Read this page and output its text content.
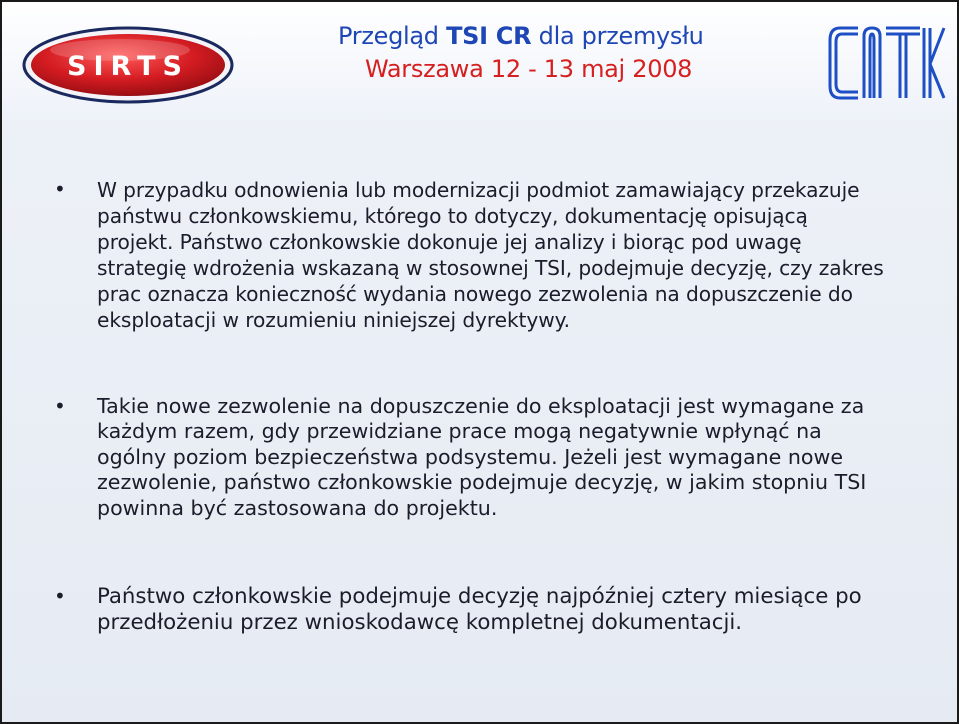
SIRTS
Przegląd TSI CR dla przemysłu
Warszawa 12 - 13 maj 2008
• W przypadku odnowienia lub modernizacji podmiot zamawiający przekazuje państwu członkowskiemu, którego to dotyczy, dokumentację opisującą projekt. Państwo członkowskie dokonuje jej analizy i biorąc pod uwagę strategię wdrożenia wskazaną w stosownej TSI, podejmuje decyzję, czy zakres prac oznacza konieczność wydania nowego zezwolenia na dopuszczenie do eksploatacji w rozumieniu niniejszej dyrektywy.
• Takie nowe zezwolenie na dopuszczenie do eksploatacji jest wymagane za każdym razem, gdy przewidziane prace mogą negatywnie wpłynąć na ogólny poziom bezpieczeństwa podsystemu. Jeżeli jest wymagane nowe zezwolenie, państwo członkowskie podejmuje decyzję, w jakim stopniu TSI powinna być zastosowana do projektu.
• Państwo członkowskie podejmuje decyzję najpóźniej cztery miesiące po przedłożeniu przez wnioskodawcę kompletnej dokumentacji.
